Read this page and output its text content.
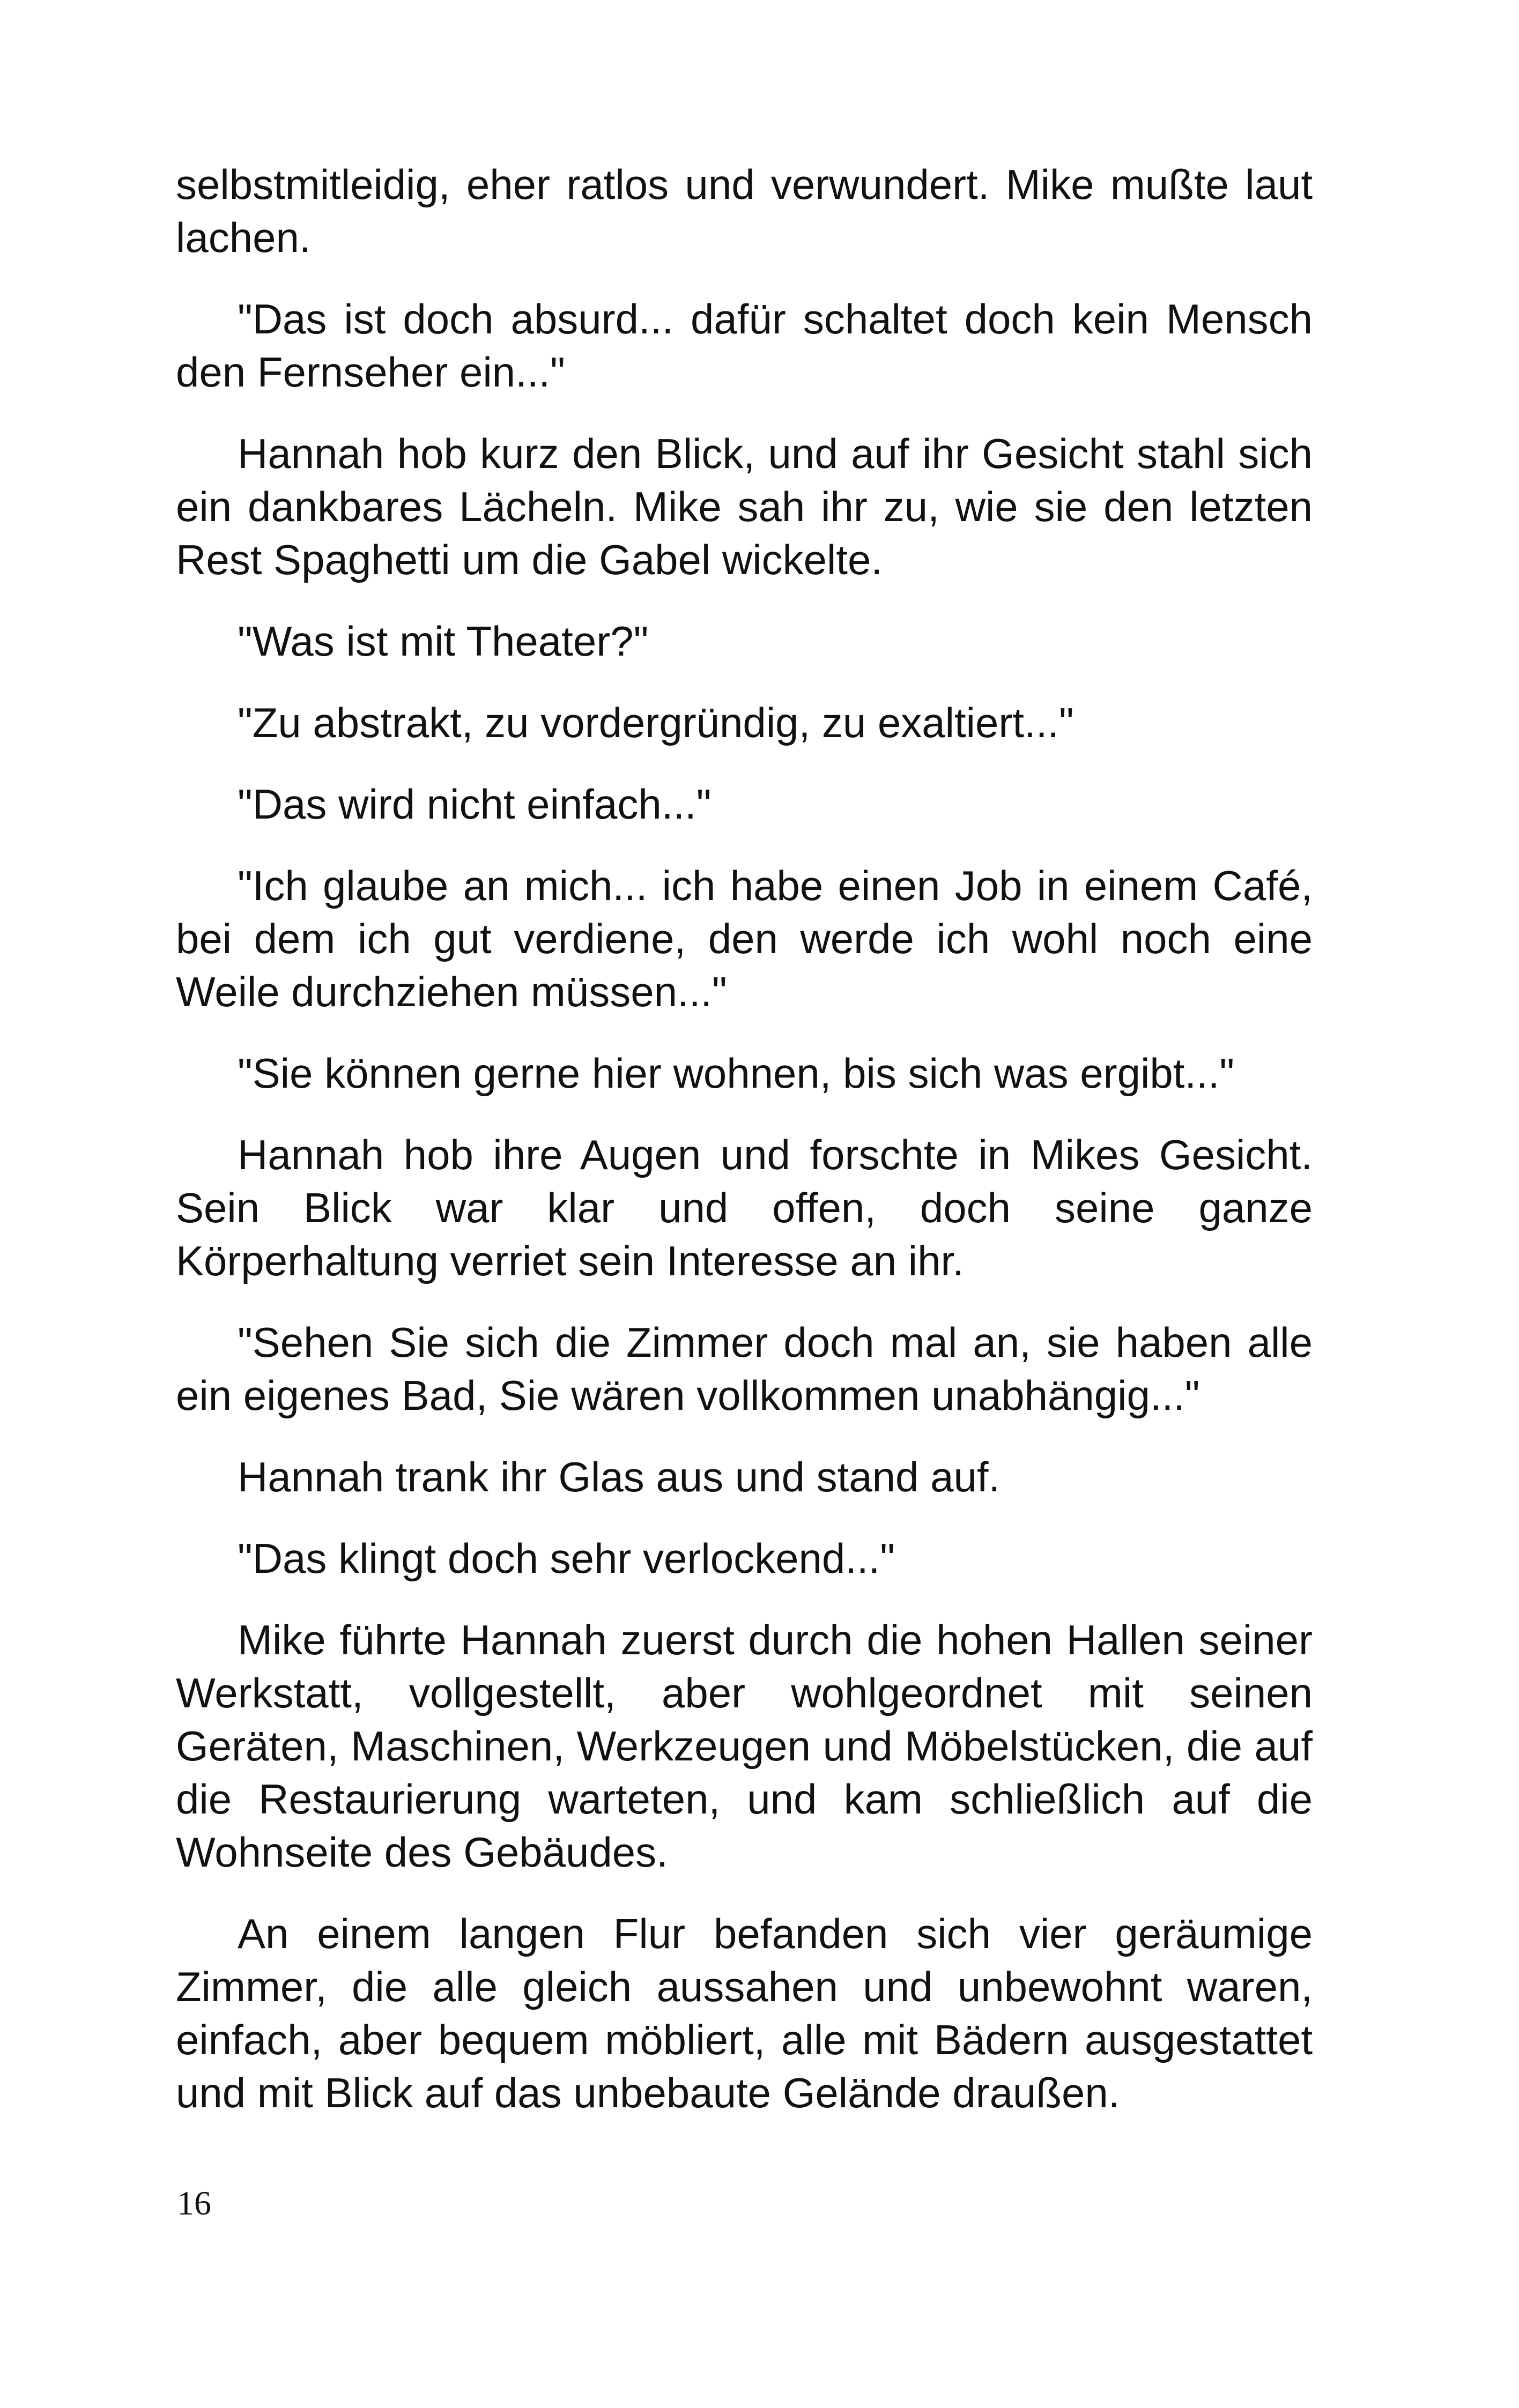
selbstmitleidig, eher ratlos und verwundert. Mike mußte laut lachen.

"Das ist doch absurd... dafür schaltet doch kein Mensch den Fernseher ein..."

Hannah hob kurz den Blick, und auf ihr Gesicht stahl sich ein dankbares Lächeln. Mike sah ihr zu, wie sie den letzten Rest Spaghetti um die Gabel wickelte.

"Was ist mit Theater?"

"Zu abstrakt, zu vordergründig, zu exaltiert..."

"Das wird nicht einfach..."

"Ich glaube an mich... ich habe einen Job in einem Café, bei dem ich gut verdiene, den werde ich wohl noch eine Weile durchziehen müssen..."

"Sie können gerne hier wohnen, bis sich was ergibt..."

Hannah hob ihre Augen und forschte in Mikes Gesicht. Sein Blick war klar und offen, doch seine ganze Körperhaltung verriet sein Interesse an ihr.

"Sehen Sie sich die Zimmer doch mal an, sie haben alle ein eigenes Bad, Sie wären vollkommen unabhängig..."

Hannah trank ihr Glas aus und stand auf.

"Das klingt doch sehr verlockend..."

Mike führte Hannah zuerst durch die hohen Hallen seiner Werkstatt, vollgestellt, aber wohlgeordnet mit seinen Geräten, Maschinen, Werkzeugen und Möbelstücken, die auf die Restaurierung warteten, und kam schließlich auf die Wohnseite des Gebäudes.

An einem langen Flur befanden sich vier geräumige Zimmer, die alle gleich aussahen und unbewohnt waren, einfach, aber bequem möbliert, alle mit Bädern ausgestattet und mit Blick auf das unbebaute Gelände draußen.

16
